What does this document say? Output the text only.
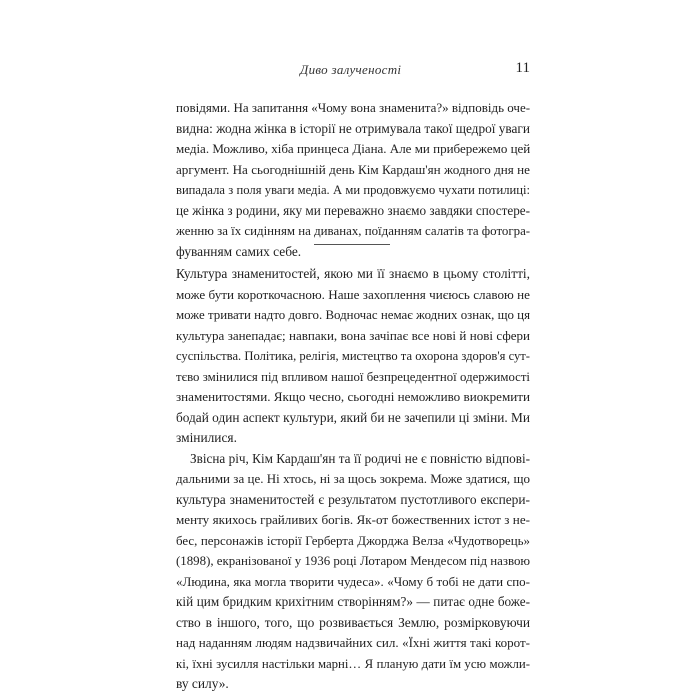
Диво залученості	11
повідями. На запитання «Чому вона знаменита?» відповідь оче-
видна: жодна жінка в історії не отримувала такої щедрої уваги
медіа. Можливо, хіба принцеса Діана. Але ми прибережемо цей
аргумент. На сьогоднішній день Кім Кардаш'ян жодного дня не
випадала з поля уваги медіа. А ми продовжуємо чухати потилиці:
це жінка з родини, яку ми переважно знаємо завдяки спостере-
женню за їх сидінням на диванах, поїданням салатів та фотогра-
фуванням самих себе.
Культура знаменитостей, якою ми її знаємо в цьому столітті,
може бути короткочасною. Наше захоплення чиєюсь славою не
може тривати надто довго. Водночас немає жодних ознак, що ця
культура занепадає; навпаки, вона зачіпає все нові й нові сфери
суспільства. Політика, релігія, мистецтво та охорона здоров'я сут-
тєво змінилися під впливом нашої безпрецедентної одержимості
знаменитостями. Якщо чесно, сьогодні неможливо виокремити
бодай один аспект культури, який би не зачепили ці зміни. Ми
змінилися.
Звісна річ, Кім Кардаш'ян та її родичі не є повністю відпові-
дальними за це. Ні хтось, ні за щось зокрема. Може здатися, що
культура знаменитостей є результатом пустотливого експери-
менту якихось грайливих богів. Як-от божественних істот з не-
бес, персонажів історії Герберта Джорджа Велза «Чудотворець»
(1898), екранізованої у 1936 році Лотаром Мендесом під назвою
«Людина, яка могла творити чудеса». «Чому б тобі не дати спо-
кій цим бридким крихітним створінням?» — питає одне боже-
ство в іншого, того, що розвивається Землю, розмірковуючи
над наданням людям надзвичайних сил. «Їхні життя такі корот-
кі, їхні зусилля настільки марні… Я планую дати їм усю можли-
ву силу».
